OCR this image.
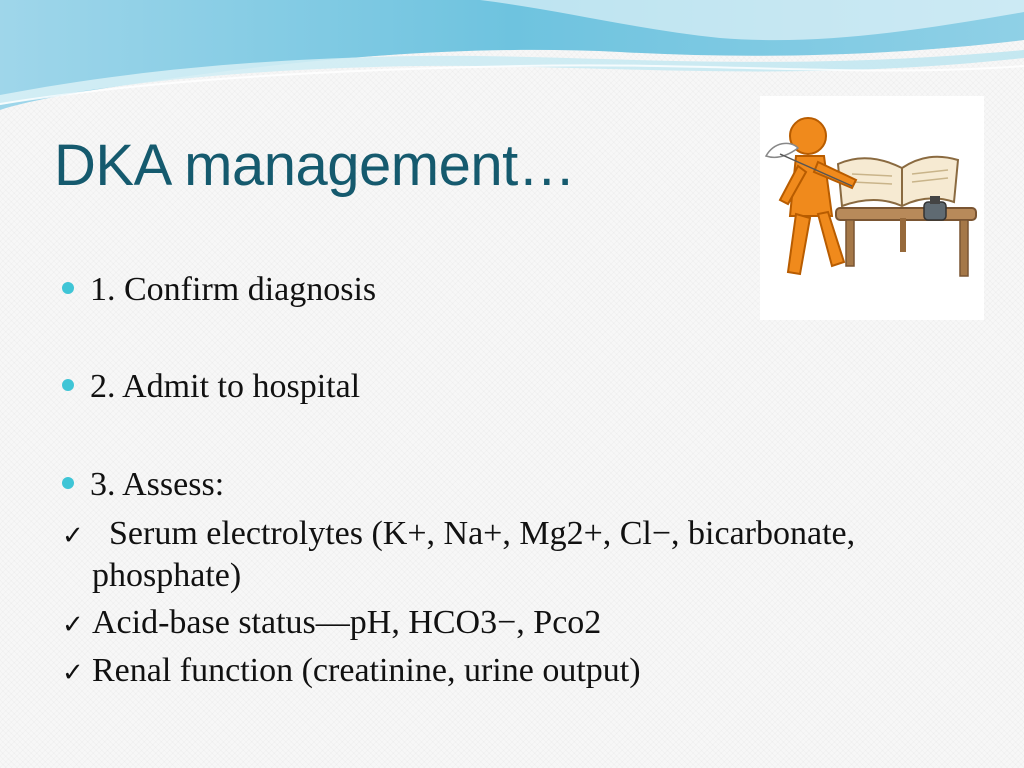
DKA management…
1. Confirm diagnosis
2. Admit to hospital
3. Assess:
✓  Serum electrolytes (K+, Na+, Mg2+, Cl−, bicarbonate,
phosphate)
✓ Acid-base status—pH, HCO3−, Pco2
✓ Renal function (creatinine, urine output)
